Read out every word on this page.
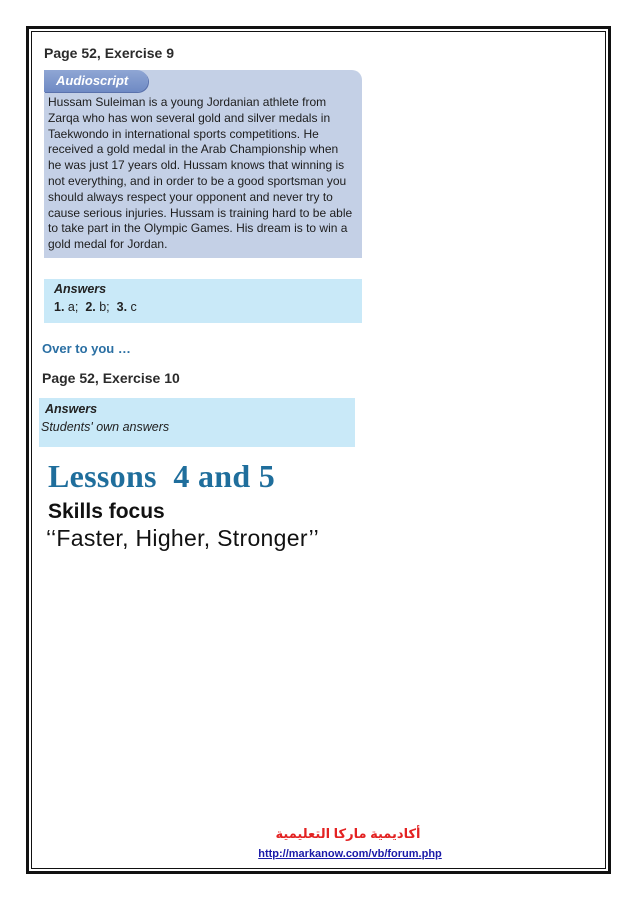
Page 52, Exercise 9
Audioscript
Hussam Suleiman is a young Jordanian athlete from
Zarqa who has won several gold and silver medals in
Taekwondo in international sports competitions. He
received a gold medal in the Arab Championship when
he was just 17 years old. Hussam knows that winning is
not everything, and in order to be a good sportsman you
should always respect your opponent and never try to
cause serious injuries. Hussam is training hard to be able
to take part in the Olympic Games. His dream is to win a
gold medal for Jordan.
Answers
1. a; 2. b; 3. c
Over to you …
Page 52, Exercise 10
Answers
Students' own answers
Lessons  4 and 5
Skills focus
‘‘Faster, Higher, Stronger’’
أكاديمية ماركا التعليمية
http://markanow.com/vb/forum.php
